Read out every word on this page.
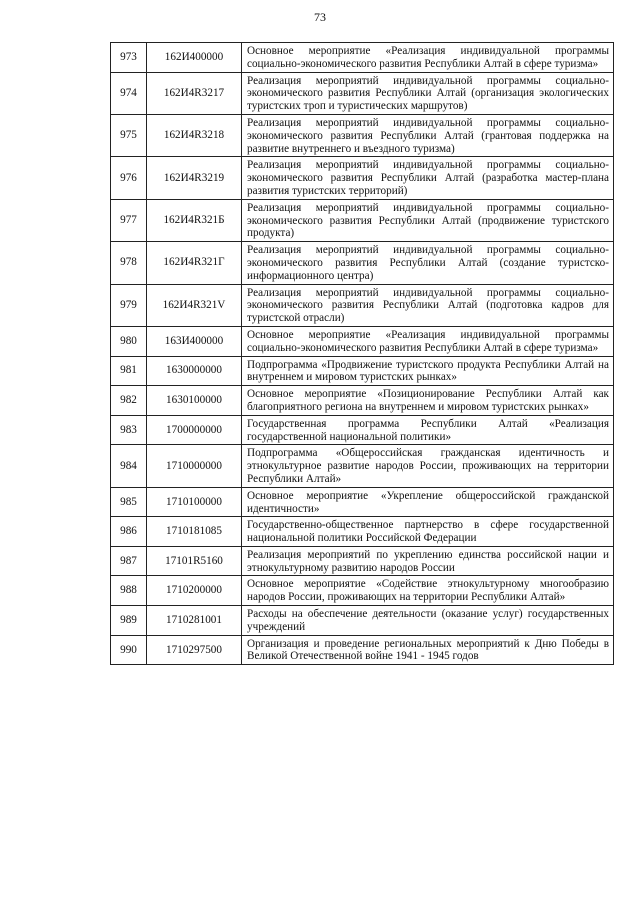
73
973	162И400000	Основное мероприятие «Реализация индивидуальной программы социально-экономического развития Республики Алтай в сфере туризма»
974	162И4R3217	Реализация мероприятий индивидуальной программы социально-экономического развития Республики Алтай (организация экологических туристских троп и туристических маршрутов)
975	162И4R3218	Реализация мероприятий индивидуальной программы социально-экономического развития Республики Алтай (грантовая поддержка на развитие внутреннего и въездного туризма)
976	162И4R3219	Реализация мероприятий индивидуальной программы социально-экономического развития Республики Алтай (разработка мастер-плана развития туристских территорий)
977	162И4R321Б	Реализация мероприятий индивидуальной программы социально-экономического развития Республики Алтай (продвижение туристского продукта)
978	162И4R321Г	Реализация мероприятий индивидуальной программы социально-экономического развития Республики Алтай (создание туристско-информационного центра)
979	162И4R321V	Реализация мероприятий индивидуальной программы социально-экономического развития Республики Алтай (подготовка кадров для туристской отрасли)
980	163И400000	Основное мероприятие «Реализация индивидуальной программы социально-экономического развития Республики Алтай в сфере туризма»
981	1630000000	Подпрограмма «Продвижение туристского продукта Республики Алтай на внутреннем и мировом туристских рынках»
982	1630100000	Основное мероприятие «Позиционирование Республики Алтай как благоприятного региона на внутреннем и мировом туристских рынках»
983	1700000000	Государственная программа Республики Алтай «Реализация государственной национальной политики»
984	1710000000	Подпрограмма «Общероссийская гражданская идентичность и этнокультурное развитие народов России, проживающих на территории Республики Алтай»
985	1710100000	Основное мероприятие «Укрепление общероссийской гражданской идентичности»
986	1710181085	Государственно-общественное партнерство в сфере государственной национальной политики Российской Федерации
987	17101R5160	Реализация мероприятий по укреплению единства российской нации и этнокультурному развитию народов России
988	1710200000	Основное мероприятие «Содействие этнокультурному многообразию народов России, проживающих на территории Республики Алтай»
989	1710281001	Расходы на обеспечение деятельности (оказание услуг) государственных учреждений
990	1710297500	Организация и проведение региональных мероприятий к Дню Победы в Великой Отечественной войне 1941 - 1945 годов
